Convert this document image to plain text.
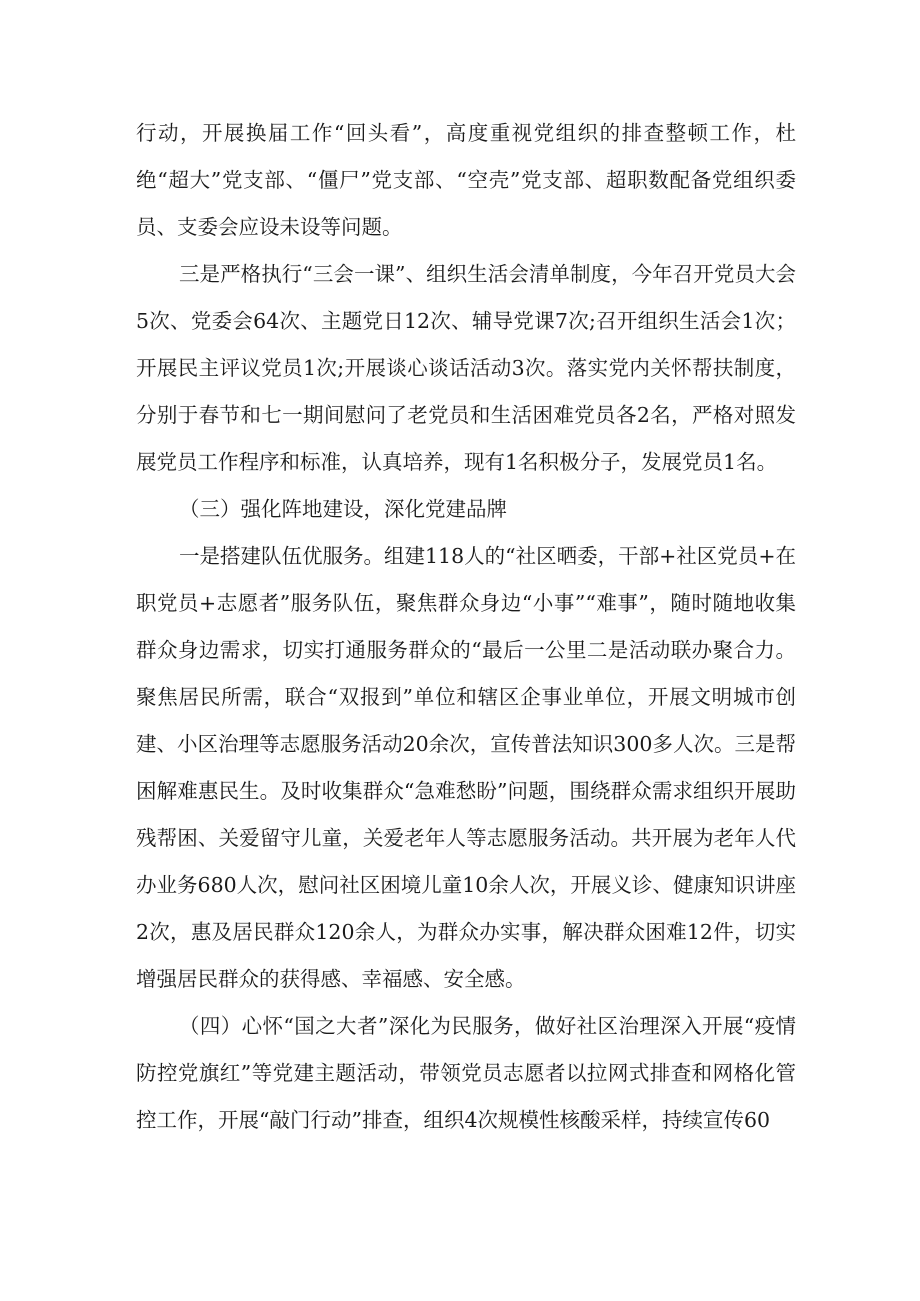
行动，开展换届工作“回头看”，高度重视党组织的排查整顿工作，杜绝“超大”党支部、“僵尸”党支部、“空壳”党支部、超职数配备党组织委员、支委会应设未设等问题。

三是严格执行“三会一课”、组织生活会清单制度，今年召开党员大会5次、党委会64次、主题党日12次、辅导党课7次;召开组织生活会1次；开展民主评议党员1次;开展谈心谈话活动3次。落实党内关怀帮扶制度，分别于春节和七一期间慰问了老党员和生活困难党员各2名，严格对照发展党员工作程序和标准，认真培养，现有1名积极分子，发展党员1名。

（三）强化阵地建设，深化党建品牌

一是搭建队伍优服务。组建118人的“社区晒委，干部+社区党员+在职党员+志愿者”服务队伍，聚焦群众身边“小事”“难事”，随时随地收集群众身边需求，切实打通服务群众的“最后一公里二是活动联办聚合力。聚焦居民所需，联合“双报到”单位和辖区企事业单位，开展文明城市创建、小区治理等志愿服务活动20余次，宣传普法知识300多人次。三是帮困解难惠民生。及时收集群众“急难愁盼”问题，围绕群众需求组织开展助残帮困、关爱留守儿童，关爱老年人等志愿服务活动。共开展为老年人代办业务680人次，慰问社区困境儿童10余人次，开展义诊、健康知识讲座2次，惠及居民群众120余人，为群众办实事，解决群众困难12件，切实增强居民群众的获得感、幸福感、安全感。

（四）心怀“国之大者”深化为民服务，做好社区治理深入开展“疫情防控党旗红”等党建主题活动，带领党员志愿者以拉网式排查和网格化管控工作，开展“敲门行动”排查，组织4次规模性核酸采样，持续宣传60
